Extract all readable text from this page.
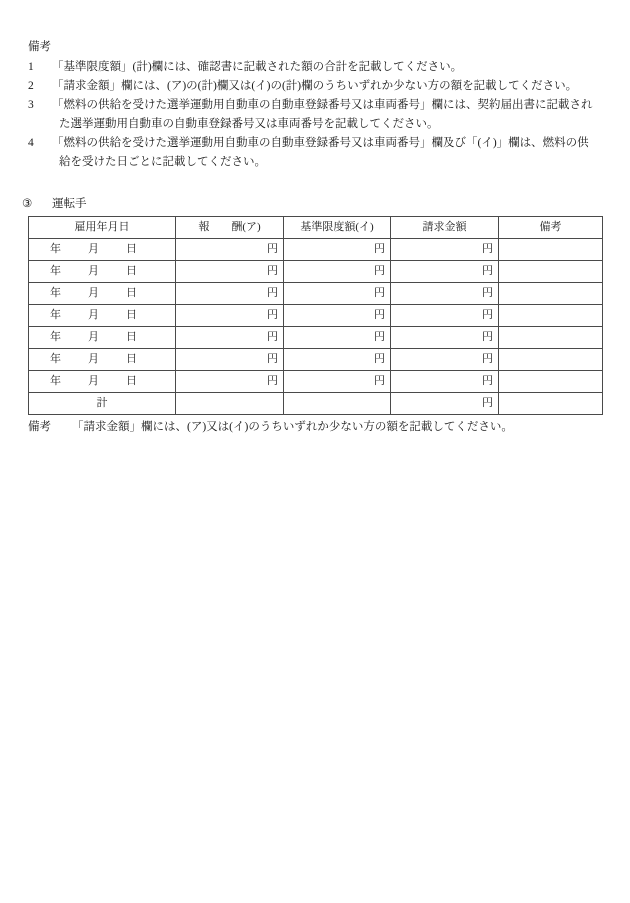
備考
1	「基準限度額」(計)欄には、確認書に記載された額の合計を記載してください。
2	「請求金額」欄には、(ア)の(計)欄又は(イ)の(計)欄のうちいずれか少ない方の額を記載してください。
3	「燃料の供給を受けた選挙運動用自動車の自動車登録番号又は車両番号」欄には、契約届出書に記載され
た選挙運動用自動車の自動車登録番号又は車両番号を記載してください。
4	「燃料の供給を受けた選挙運動用自動車の自動車登録番号又は車両番号」欄及び「(イ)」欄は、燃料の供
給を受けた日ごとに記載してください。
③ 運転手
雇用年月日	報 酬(ア)	基準限度額(イ)	請求金額	備考
年 月 日	円	円	円	
年 月 日	円	円	円	
年 月 日	円	円	円	
年 月 日	円	円	円	
年 月 日	円	円	円	
年 月 日	円	円	円	
年 月 日	円	円	円	
計			円	
備考 「請求金額」欄には、(ア)又は(イ)のうちいずれか少ない方の額を記載してください。
